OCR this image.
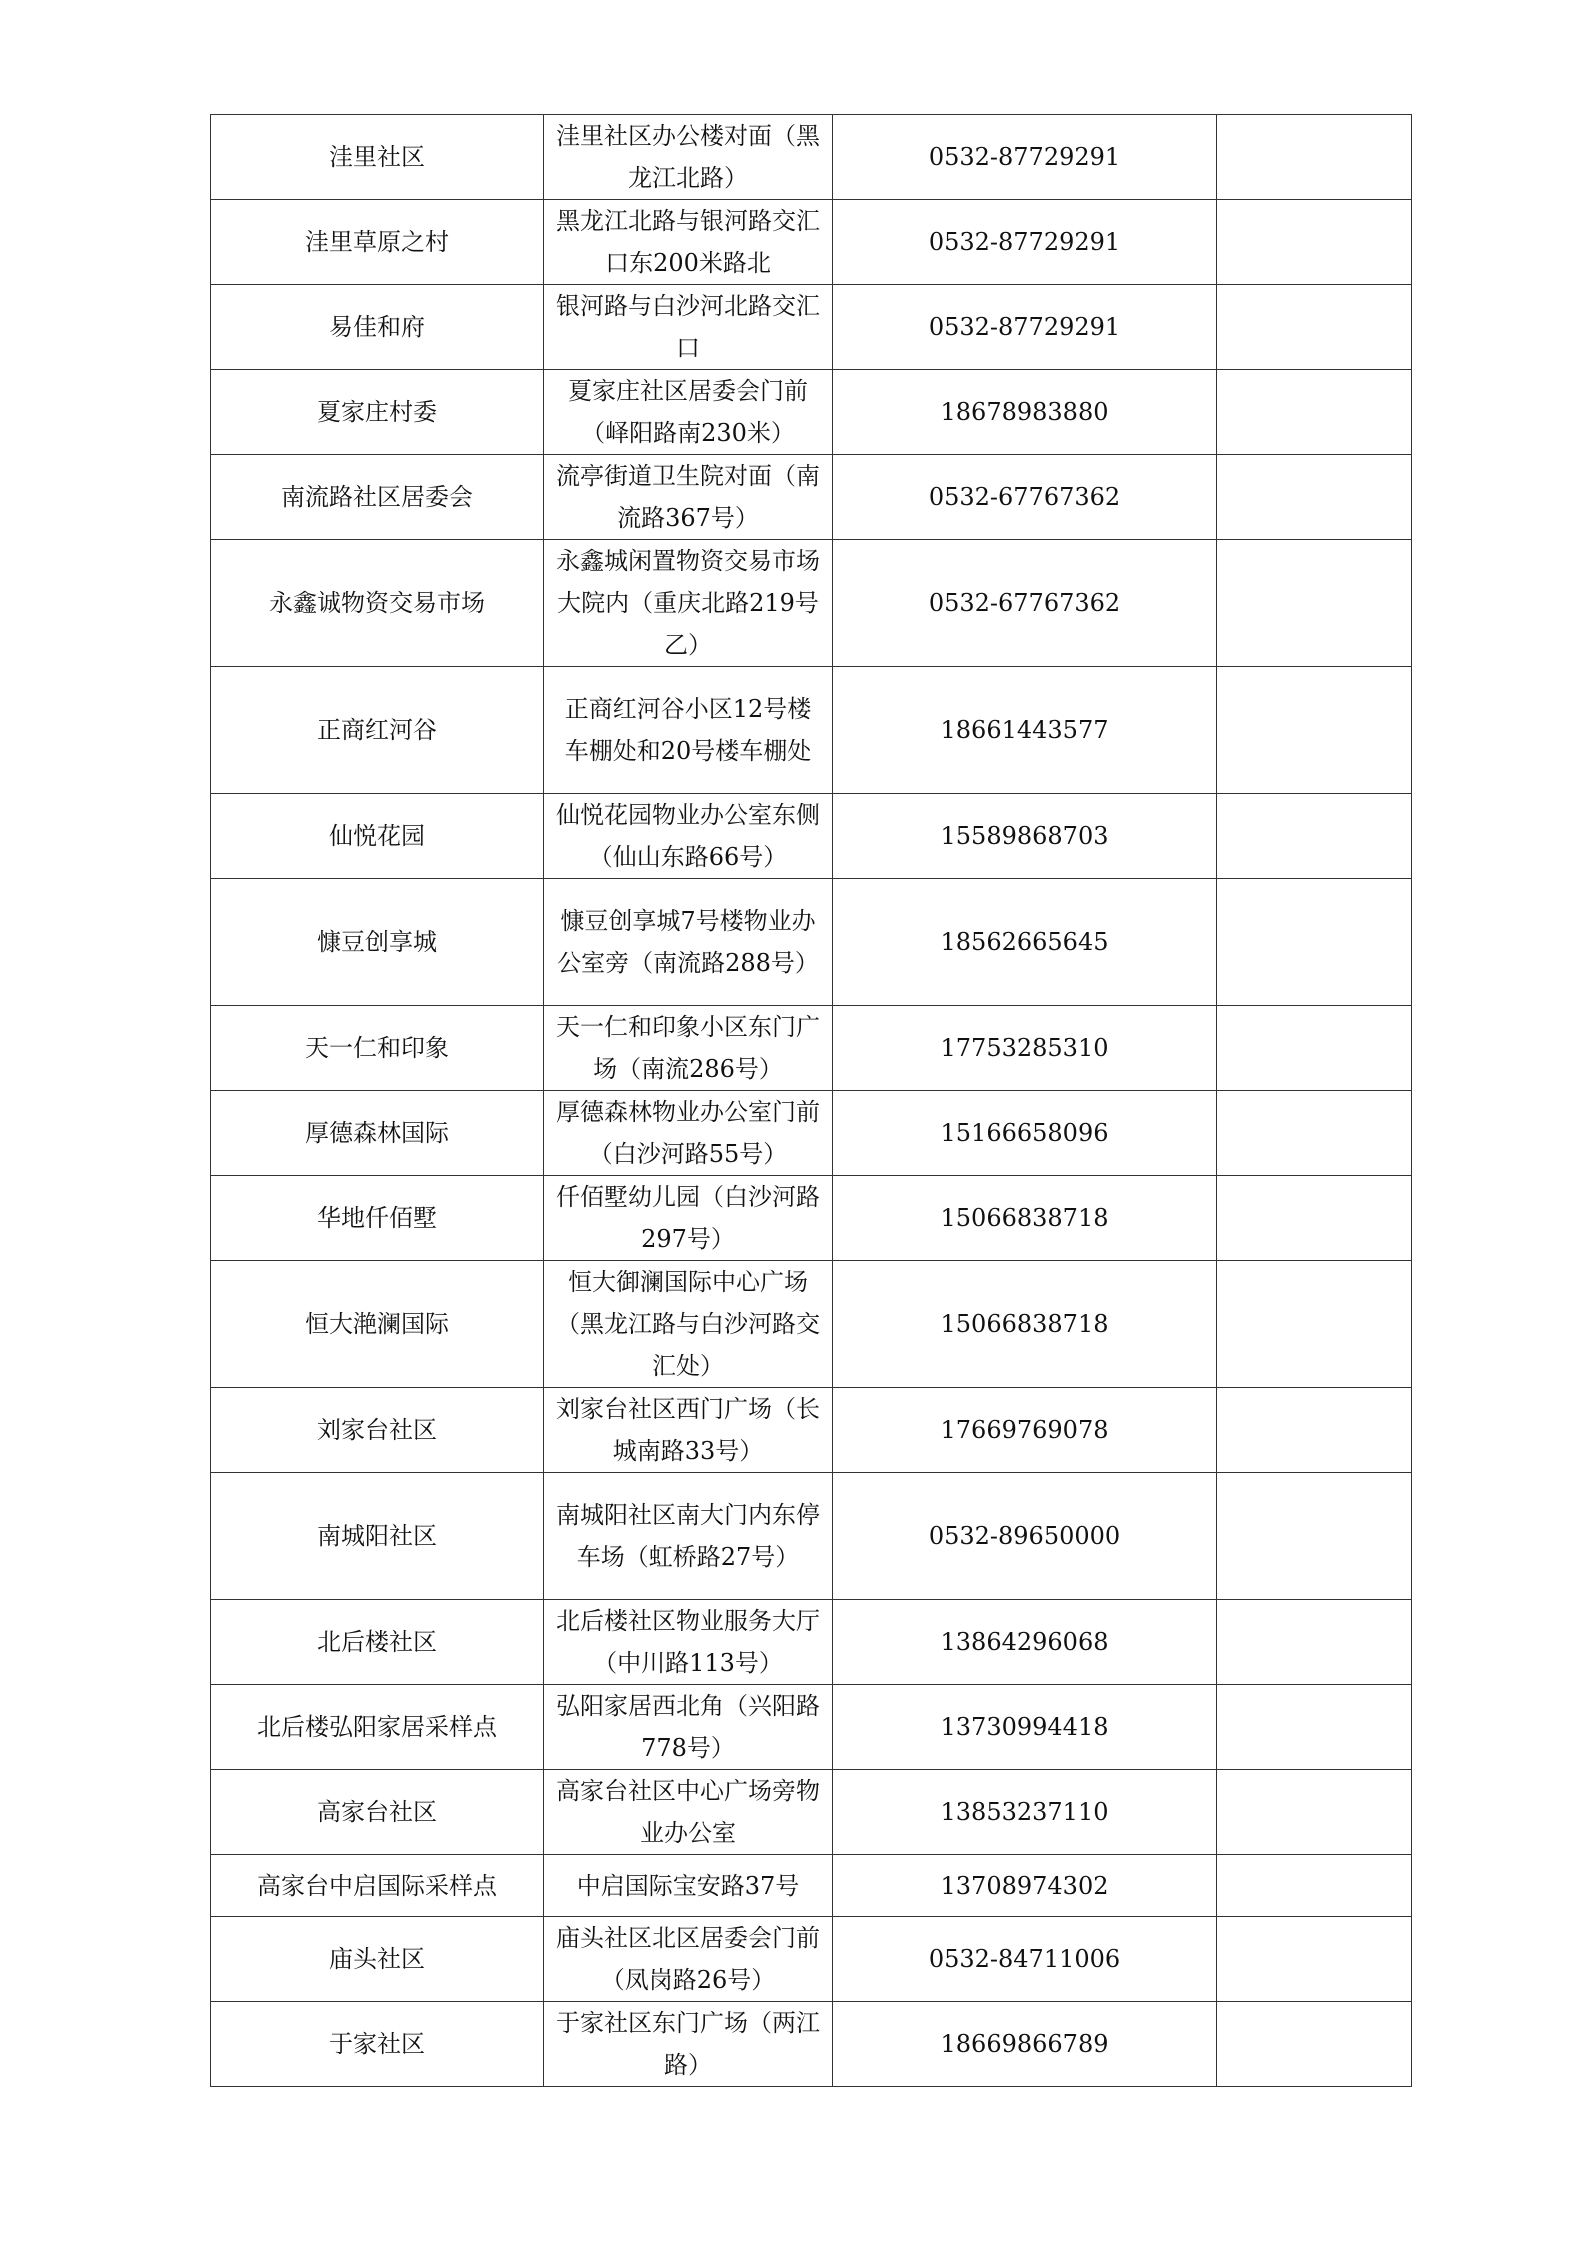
洼里社区	洼里社区办公楼对面（黑龙江北路）	0532-87729291	
洼里草原之村	黑龙江北路与银河路交汇口东200米路北	0532-87729291	
易佳和府	银河路与白沙河北路交汇口	0532-87729291	
夏家庄村委	夏家庄社区居委会门前（峄阳路南230米）	18678983880	
南流路社区居委会	流亭街道卫生院对面（南流路367号）	0532-67767362	
永鑫诚物资交易市场	永鑫城闲置物资交易市场大院内（重庆北路219号乙）	0532-67767362	
正商红河谷	正商红河谷小区12号楼车棚处和20号楼车棚处	18661443577	
仙悦花园	仙悦花园物业办公室东侧（仙山东路66号）	15589868703	
慷豆创享城	慷豆创享城7号楼物业办公室旁（南流路288号）	18562665645	
天一仁和印象	天一仁和印象小区东门广场（南流286号）	17753285310	
厚德森林国际	厚德森林物业办公室门前（白沙河路55号）	15166658096	
华地仟佰墅	仟佰墅幼儿园（白沙河路297号）	15066838718	
恒大滟澜国际	恒大御澜国际中心广场（黑龙江路与白沙河路交汇处）	15066838718	
刘家台社区	刘家台社区西门广场（长城南路33号）	17669769078	
南城阳社区	南城阳社区南大门内东停车场（虹桥路27号）	0532-89650000	
北后楼社区	北后楼社区物业服务大厅（中川路113号）	13864296068	
北后楼弘阳家居采样点	弘阳家居西北角（兴阳路778号）	13730994418	
高家台社区	高家台社区中心广场旁物业办公室	13853237110	
高家台中启国际采样点	中启国际宝安路37号	13708974302	
庙头社区	庙头社区北区居委会门前（凤岗路26号）	0532-84711006	
于家社区	于家社区东门广场（两江路）	18669866789	
